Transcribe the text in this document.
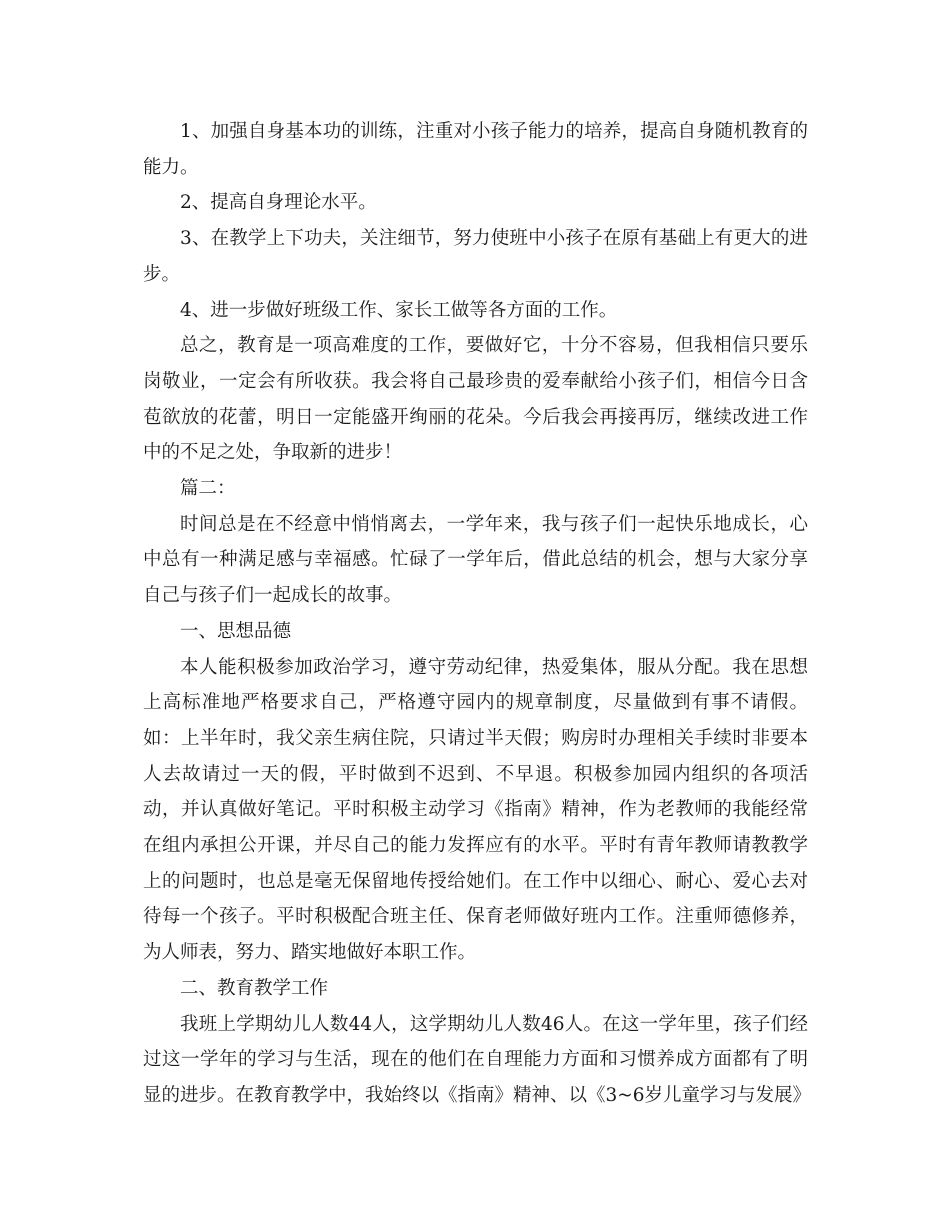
1、加强自身基本功的训练，注重对小孩子能力的培养，提高自身随机教育的能力。

2、提高自身理论水平。

3、在教学上下功夫，关注细节，努力使班中小孩子在原有基础上有更大的进步。

4、进一步做好班级工作、家长工做等各方面的工作。

总之，教育是一项高难度的工作，要做好它，十分不容易，但我相信只要乐岗敬业，一定会有所收获。我会将自己最珍贵的爱奉献给小孩子们，相信今日含苞欲放的花蕾，明日一定能盛开绚丽的花朵。今后我会再接再厉，继续改进工作中的不足之处，争取新的进步！

篇二：

时间总是在不经意中悄悄离去，一学年来，我与孩子们一起快乐地成长，心中总有一种满足感与幸福感。忙碌了一学年后，借此总结的机会，想与大家分享自己与孩子们一起成长的故事。

一、思想品德

本人能积极参加政治学习，遵守劳动纪律，热爱集体，服从分配。我在思想上高标准地严格要求自己，严格遵守园内的规章制度，尽量做到有事不请假。如：上半年时，我父亲生病住院，只请过半天假；购房时办理相关手续时非要本人去故请过一天的假，平时做到不迟到、不早退。积极参加园内组织的各项活动，并认真做好笔记。平时积极主动学习《指南》精神，作为老教师的我能经常在组内承担公开课，并尽自己的能力发挥应有的水平。平时有青年教师请教教学上的问题时，也总是毫无保留地传授给她们。在工作中以细心、耐心、爱心去对待每一个孩子。平时积极配合班主任、保育老师做好班内工作。注重师德修养，为人师表，努力、踏实地做好本职工作。

二、教育教学工作

我班上学期幼儿人数44人，这学期幼儿人数46人。在这一学年里，孩子们经过这一学年的学习与生活，现在的他们在自理能力方面和习惯养成方面都有了明显的进步。在教育教学中，我始终以《指南》精神、以《3~6岁儿童学习与发展》
